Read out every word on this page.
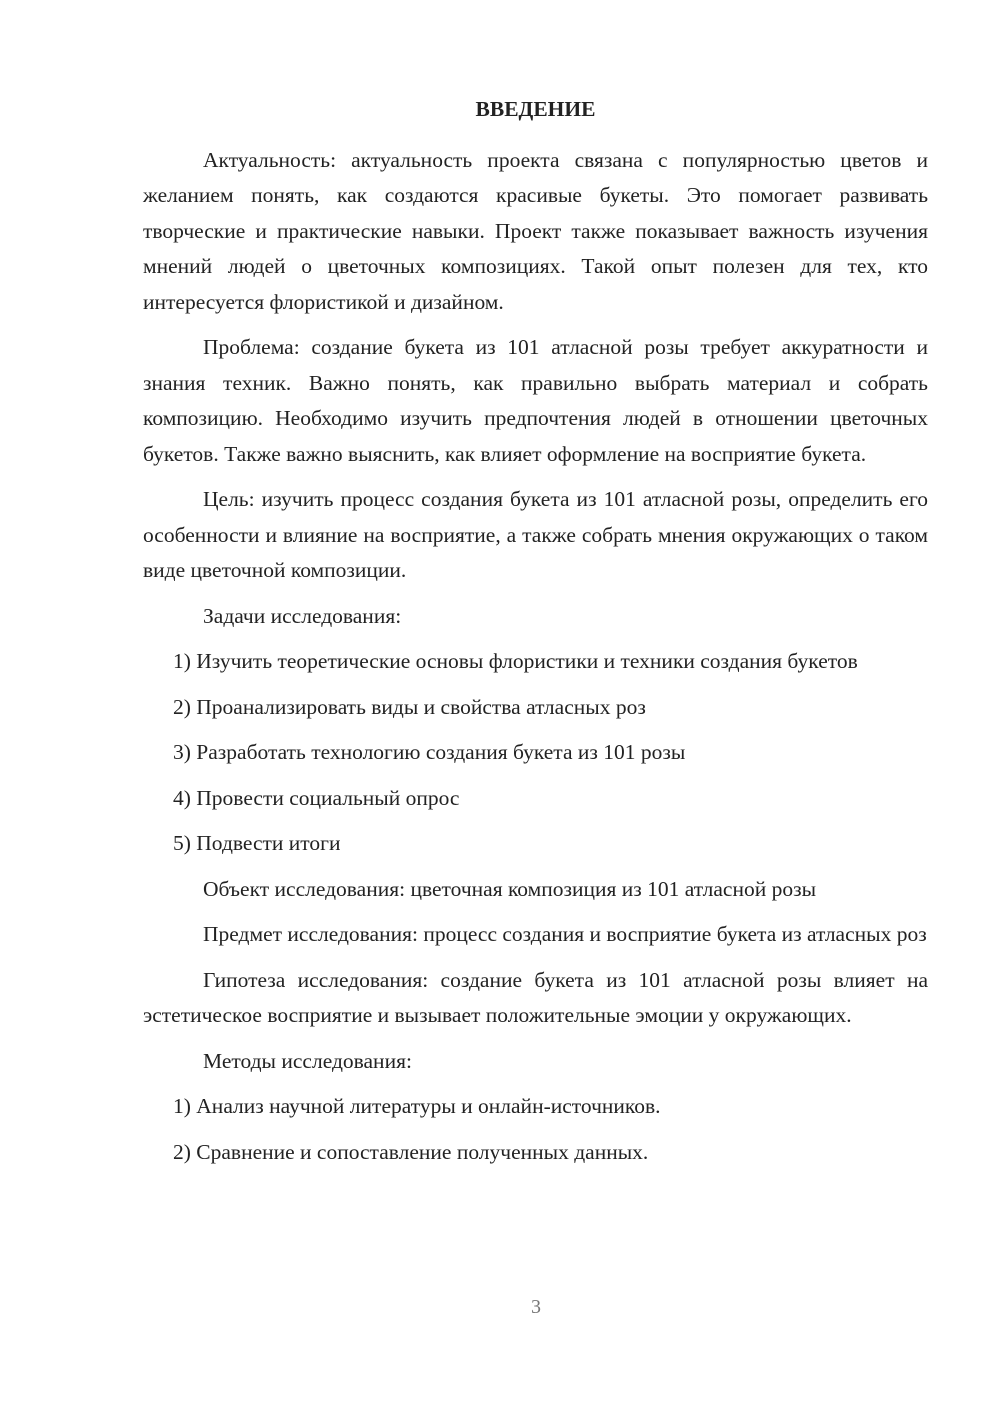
ВВЕДЕНИЕ

Актуальность: актуальность проекта связана с популярностью цветов и желанием понять, как создаются красивые букеты. Это помогает развивать творческие и практические навыки. Проект также показывает важность изучения мнений людей о цветочных композициях. Такой опыт полезен для тех, кто интересуется флористикой и дизайном.

Проблема: создание букета из 101 атласной розы требует аккуратности и знания техник. Важно понять, как правильно выбрать материал и собрать композицию. Необходимо изучить предпочтения людей в отношении цветочных букетов. Также важно выяснить, как влияет оформление на восприятие букета.

Цель: изучить процесс создания букета из 101 атласной розы, определить его особенности и влияние на восприятие, а также собрать мнения окружающих о таком виде цветочной композиции.

Задачи исследования:

1) Изучить теоретические основы флористики и техники создания букетов

2) Проанализировать виды и свойства атласных роз

3) Разработать технологию создания букета из 101 розы

4) Провести социальный опрос

5) Подвести итоги

Объект исследования: цветочная композиция из 101 атласной розы

Предмет исследования: процесс создания и восприятие букета из атласных роз

Гипотеза исследования: создание букета из 101 атласной розы влияет на эстетическое восприятие и вызывает положительные эмоции у окружающих.

Методы исследования:

1) Анализ научной литературы и онлайн-источников.

2) Сравнение и сопоставление полученных данных.

3
